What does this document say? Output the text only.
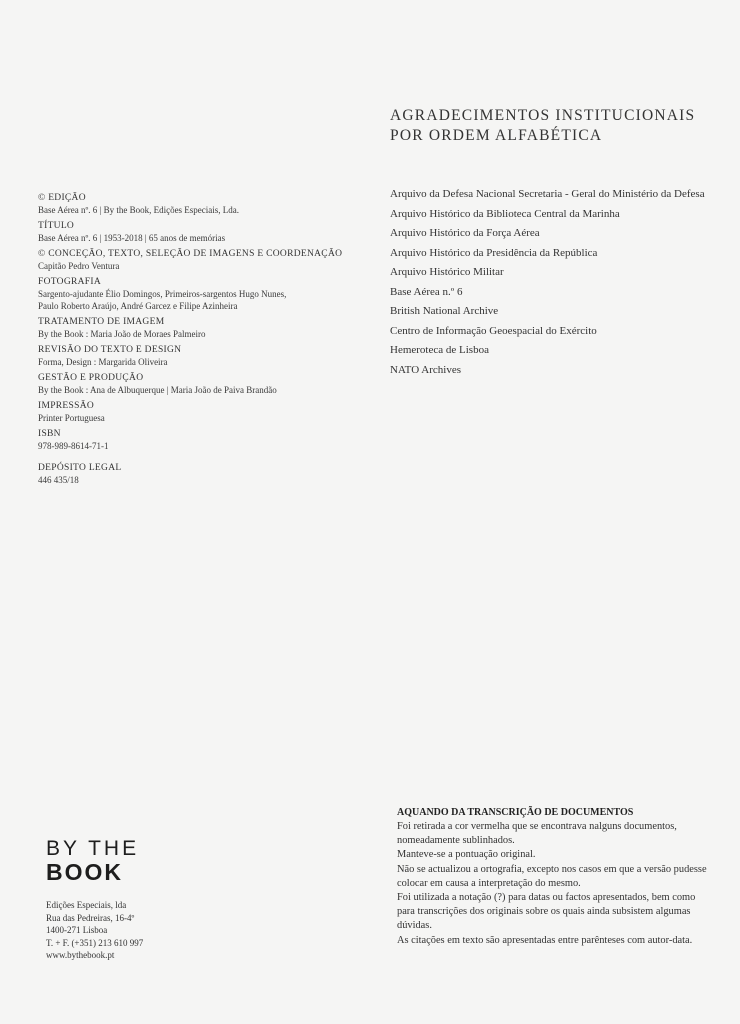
© EDIÇÃO
Base Aérea nº. 6 | By the Book, Edições Especiais, Lda.
TÍTULO
Base Aérea nº. 6 | 1953-2018 | 65 anos de memórias
© CONCEÇÃO, TEXTO, SELEÇÃO DE IMAGENS E COORDENAÇÃO
Capitão Pedro Ventura
FOTOGRAFIA
Sargento-ajudante Élio Domingos, Primeiros-sargentos Hugo Nunes,
Paulo Roberto Araújo, André Garcez e Filipe Azinheira
TRATAMENTO DE IMAGEM
By the Book : Maria João de Moraes Palmeiro
REVISÃO DO TEXTO E DESIGN
Forma, Design : Margarida Oliveira
GESTÃO E PRODUÇÃO
By the Book : Ana de Albuquerque | Maria João de Paiva Brandão
IMPRESSÃO
Printer Portuguesa
ISBN
978-989-8614-71-1
DEPÓSITO LEGAL
446 435/18
AGRADECIMENTOS INSTITUCIONAIS
POR ORDEM ALFABÉTICA
Arquivo da Defesa Nacional Secretaria - Geral do Ministério da Defesa
Arquivo Histórico da Biblioteca Central da Marinha
Arquivo Histórico da Força Aérea
Arquivo Histórico da Presidência da República
Arquivo Histórico Militar
Base Aérea n.º 6
British National Archive
Centro de Informação Geoespacial do Exército
Hemeroteca de Lisboa
NATO Archives
BY THE
BOOK
Edições Especiais, lda
Rua das Pedreiras, 16-4º
1400-271 Lisboa
T. + F. (+351) 213 610 997
www.bythebook.pt
AQUANDO DA TRANSCRIÇÃO DE DOCUMENTOS
Foi retirada a cor vermelha que se encontrava nalguns documentos,
nomeadamente sublinhados.
Manteve-se a pontuação original.
Não se actualizou a ortografia, excepto nos casos em que a versão pudesse
colocar em causa a interpretação do mesmo.
Foi utilizada a notação (?) para datas ou factos apresentados, bem como
para transcrições dos originais sobre os quais ainda subsistem algumas
dúvidas.
As citações em texto são apresentadas entre parênteses com autor-data.
